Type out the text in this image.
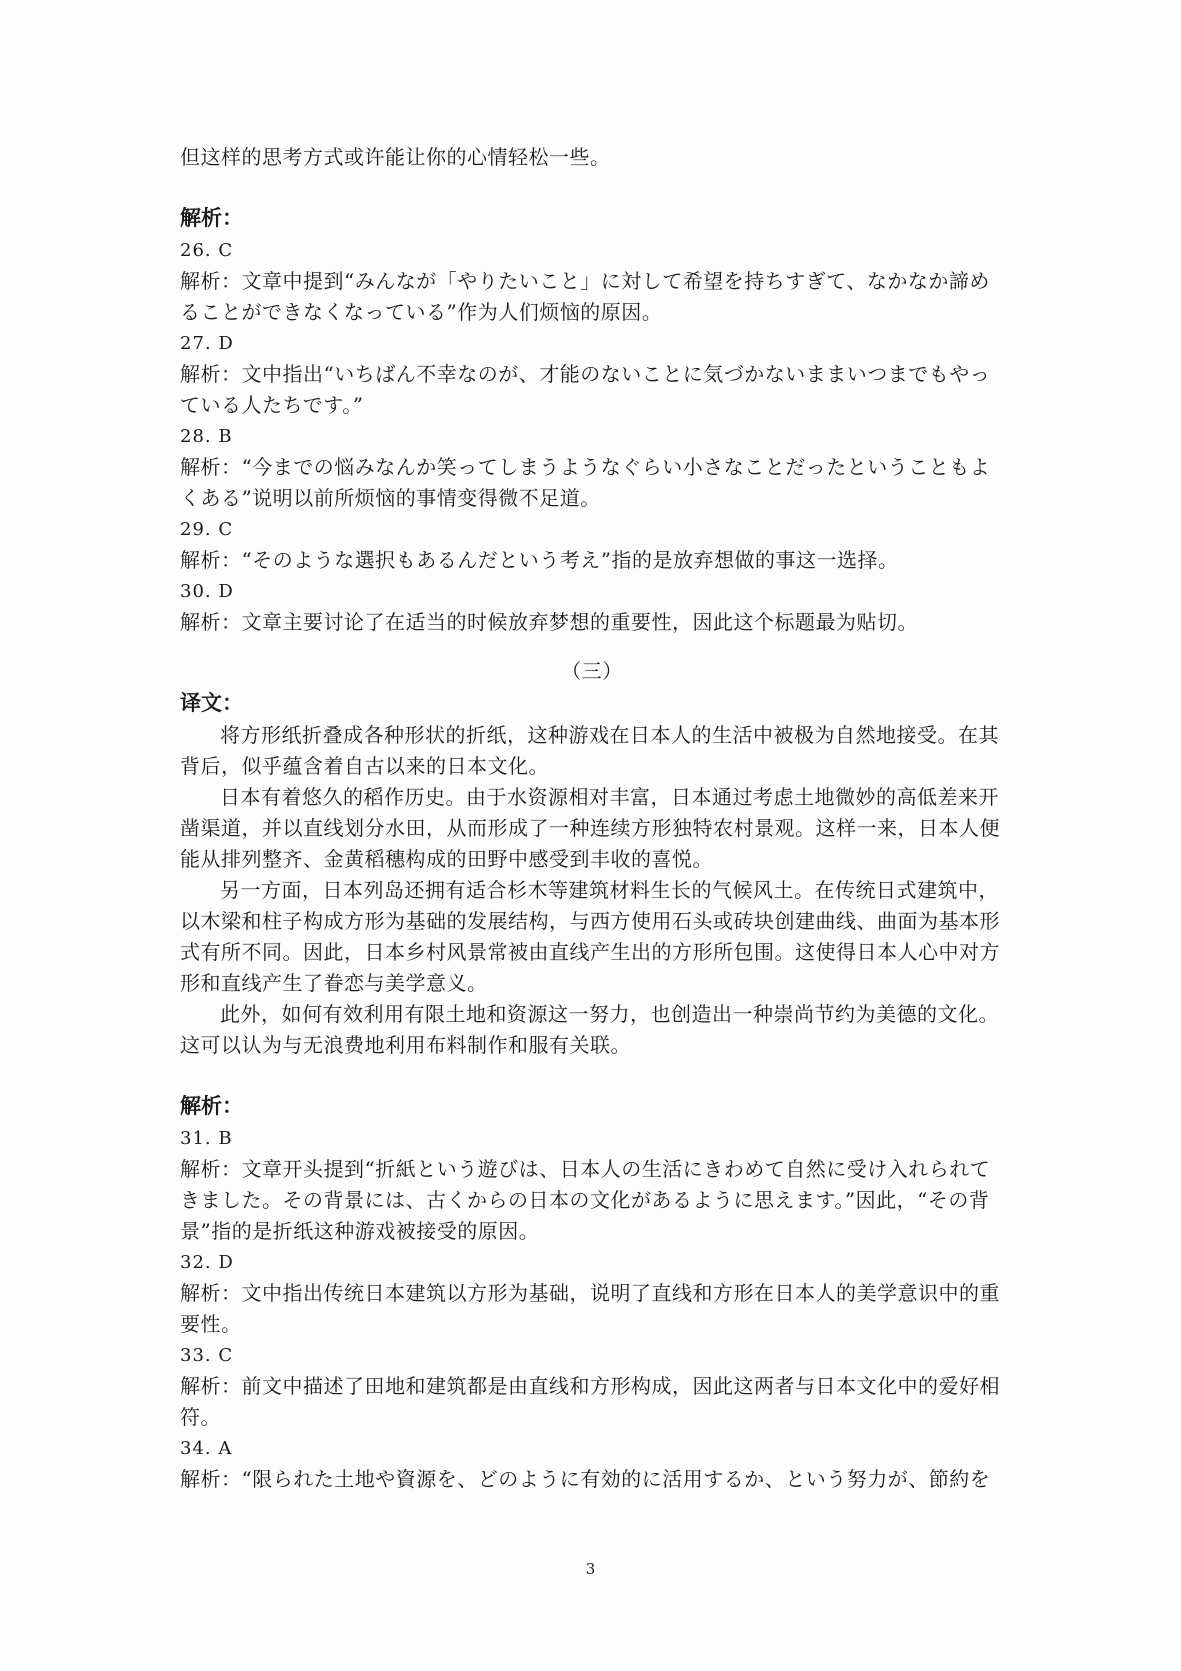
但这样的思考方式或许能让你的心情轻松一些。
解析：
26. C
解析：文章中提到“みんなが「やりたいこと」に対して希望を持ちすぎて、なかなか諦め
ることができなくなっている”作为人们烦恼的原因。
27. D
解析：文中指出“いちばん不幸なのが、才能のないことに気づかないままいつまでもやっ
ている人たちです。”
28. B
解析：“今までの悩みなんか笑ってしまうようなぐらい小さなことだったということもよ
くある”说明以前所烦恼的事情变得微不足道。
29. C
解析：“そのような選択もあるんだという考え”指的是放弃想做的事这一选择。
30. D
解析：文章主要讨论了在适当的时候放弃梦想的重要性，因此这个标题最为贴切。
（三）
译文：
将方形纸折叠成各种形状的折纸，这种游戏在日本人的生活中被极为自然地接受。在其背后，似乎蕴含着自古以来的日本文化。
日本有着悠久的稻作历史。由于水资源相对丰富，日本通过考虑土地微妙的高低差来开凿渠道，并以直线划分水田，从而形成了一种连续方形独特农村景观。这样一来，日本人便能从排列整齐、金黄稻穗构成的田野中感受到丰收的喜悦。
另一方面，日本列岛还拥有适合杉木等建筑材料生长的气候风土。在传统日式建筑中，以木梁和柱子构成方形为基础的发展结构，与西方使用石头或砖块创建曲线、曲面为基本形式有所不同。因此，日本乡村风景常被由直线产生出的方形所包围。这使得日本人心中对方形和直线产生了眷恋与美学意义。
此外，如何有效利用有限土地和资源这一努力，也创造出一种崇尚节约为美德的文化。这可以认为与无浪费地利用布料制作和服有关联。
解析：
31. B
解析：文章开头提到“折紙という遊びは、日本人の生活にきわめて自然に受け入れられて
きました。その背景には、古くからの日本の文化があるように思えます。”因此，“その背
景”指的是折纸这种游戏被接受的原因。
32. D
解析：文中指出传统日本建筑以方形为基础，说明了直线和方形在日本人的美学意识中的重
要性。
33. C
解析：前文中描述了田地和建筑都是由直线和方形构成，因此这两者与日本文化中的爱好相
符。
34. A
解析：“限られた土地や資源を、どのように有効的に活用するか、という努力が、節約を
3
